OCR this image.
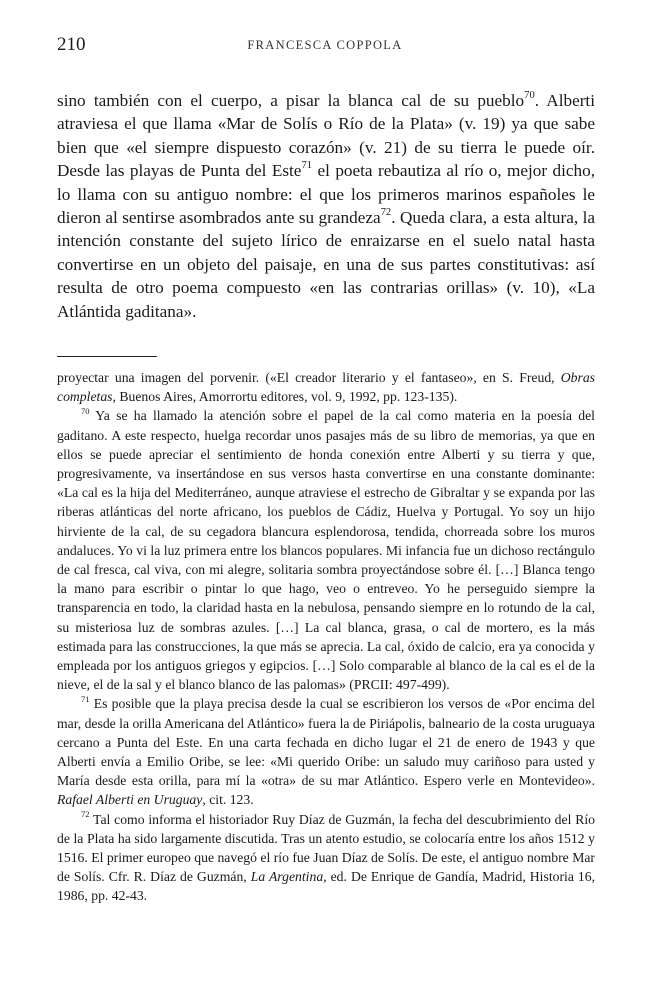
210	FRANCESCA COPPOLA

sino también con el cuerpo, a pisar la blanca cal de su pueblo$^{70}$. Alberti atraviesa el que llama «Mar de Solís o Río de la Plata» (v. 19) ya que sabe bien que «el siempre dispuesto corazón» (v. 21) de su tierra le puede oír. Desde las playas de Punta del Este$^{71}$ el poeta rebautiza al río o, mejor dicho, lo llama con su antiguo nombre: el que los primeros marinos españoles le dieron al sentirse asombrados ante su grandeza$^{72}$. Queda clara, a esta altura, la intención constante del sujeto lírico de enraizarse en el suelo natal hasta convertirse en un objeto del paisaje, en una de sus partes constitutivas: así resulta de otro poema compuesto «en las contrarias orillas» (v. 10), «La Atlántida gaditana».

proyectar una imagen del porvenir. («El creador literario y el fantaseo», en S. Freud, Obras completas, Buenos Aires, Amorrortu editores, vol. 9, 1992, pp. 123-135).

$^{70}$ Ya se ha llamado la atención sobre el papel de la cal como materia en la poesía del gaditano. A este respecto, huelga recordar unos pasajes más de su libro de memorias, ya que en ellos se puede apreciar el sentimiento de honda conexión entre Alberti y su tierra y que, progresivamente, va insertándose en sus versos hasta convertirse en una constante dominante: «La cal es la hija del Mediterráneo, aunque atraviese el estrecho de Gibraltar y se expanda por las riberas atlánticas del norte africano, los pueblos de Cádiz, Huelva y Portugal. Yo soy un hijo hirviente de la cal, de su cegadora blancura esplendorosa, tendida, chorreada sobre los muros andaluces. Yo vi la luz primera entre los blancos populares. Mi infancia fue un dichoso rectángulo de cal fresca, cal viva, con mi alegre, solitaria sombra proyectándose sobre él. […] Blanca tengo la mano para escribir o pintar lo que hago, veo o entreveo. Yo he perseguido siempre la transparencia en todo, la claridad hasta en la nebulosa, pensando siempre en lo rotundo de la cal, su misteriosa luz de sombras azules. […] La cal blanca, grasa, o cal de mortero, es la más estimada para las construcciones, la que más se aprecia. La cal, óxido de calcio, era ya conocida y empleada por los antiguos griegos y egipcios. […] Solo comparable al blanco de la cal es el de la nieve, el de la sal y el blanco blanco de las palomas» (PRCII: 497-499).

$^{71}$ Es posible que la playa precisa desde la cual se escribieron los versos de «Por encima del mar, desde la orilla Americana del Atlántico» fuera la de Piriápolis, balneario de la costa uruguaya cercano a Punta del Este. En una carta fechada en dicho lugar el 21 de enero de 1943 y que Alberti envía a Emilio Oribe, se lee: «Mi querido Oribe: un saludo muy cariñoso para usted y María desde esta orilla, para mí la «otra» de su mar Atlántico. Espero verle en Montevideo». Rafael Alberti en Uruguay, cit. 123.

$^{72}$ Tal como informa el historiador Ruy Díaz de Guzmán, la fecha del descubrimiento del Río de la Plata ha sido largamente discutida. Tras un atento estudio, se colocaría entre los años 1512 y 1516. El primer europeo que navegó el río fue Juan Díaz de Solís. De este, el antiguo nombre Mar de Solís. Cfr. R. Díaz de Guzmán, La Argentina, ed. De Enrique de Gandía, Madrid, Historia 16, 1986, pp. 42-43.
